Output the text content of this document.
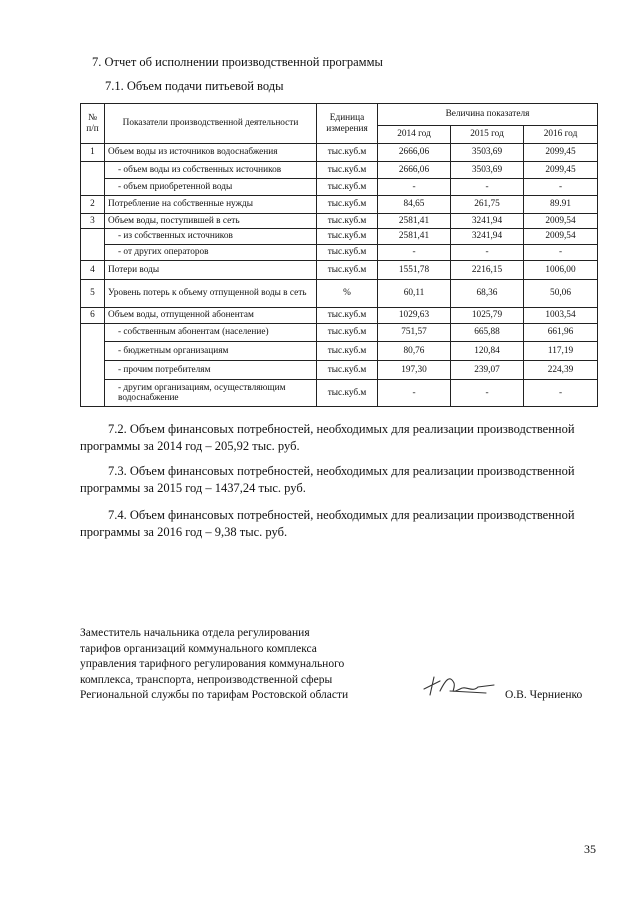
7. Отчет об исполнении производственной программы
7.1. Объем подачи питьевой воды
№ п/п	Показатели производственной деятельности	Единица измерения	Величина показателя		
			2014 год	2015 год	2016 год
1	Объем воды из источников водоснабжения	тыс.куб.м	2666,06	3503,69	2099,45
	- объем воды из собственных источников	тыс.куб.м	2666,06	3503,69	2099,45
	- объем приобретенной воды	тыс.куб.м	-	-	-
2	Потребление на собственные нужды	тыс.куб.м	84,65	261,75	89.91
3	Объем воды, поступившей в сеть	тыс.куб.м	2581,41	3241,94	2009,54
	- из собственных источников	тыс.куб.м	2581,41	3241,94	2009,54
	- от других операторов	тыс.куб.м	-	-	-
4	Потери воды	тыс.куб.м	1551,78	2216,15	1006,00
5	Уровень потерь к объему отпущенной воды в сеть	%	60,11	68,36	50,06
6	Объем воды, отпущенной абонентам	тыс.куб.м	1029,63	1025,79	1003,54
	- собственным абонентам (население)	тыс.куб.м	751,57	665,88	661,96
	- бюджетным организациям	тыс.куб.м	80,76	120,84	117,19
	- прочим потребителям	тыс.куб.м	197,30	239,07	224,39
	- другим организациям, осуществляющим водоснабжение	тыс.куб.м	-	-	-
7.2. Объем финансовых потребностей, необходимых для реализации производственной
программы за 2014 год – 205,92 тыс. руб.
7.3. Объем финансовых потребностей, необходимых для реализации производственной
программы за 2015 год – 1437,24 тыс. руб.
7.4. Объем финансовых потребностей, необходимых для реализации производственной
программы за 2016 год – 9,38 тыс. руб.
Заместитель начальника отдела регулирования
тарифов организаций коммунального комплекса
управления тарифного регулирования коммунального
комплекса, транспорта, непроизводственной сферы
Региональной службы по тарифам Ростовской области	О.В. Черниенко
35
